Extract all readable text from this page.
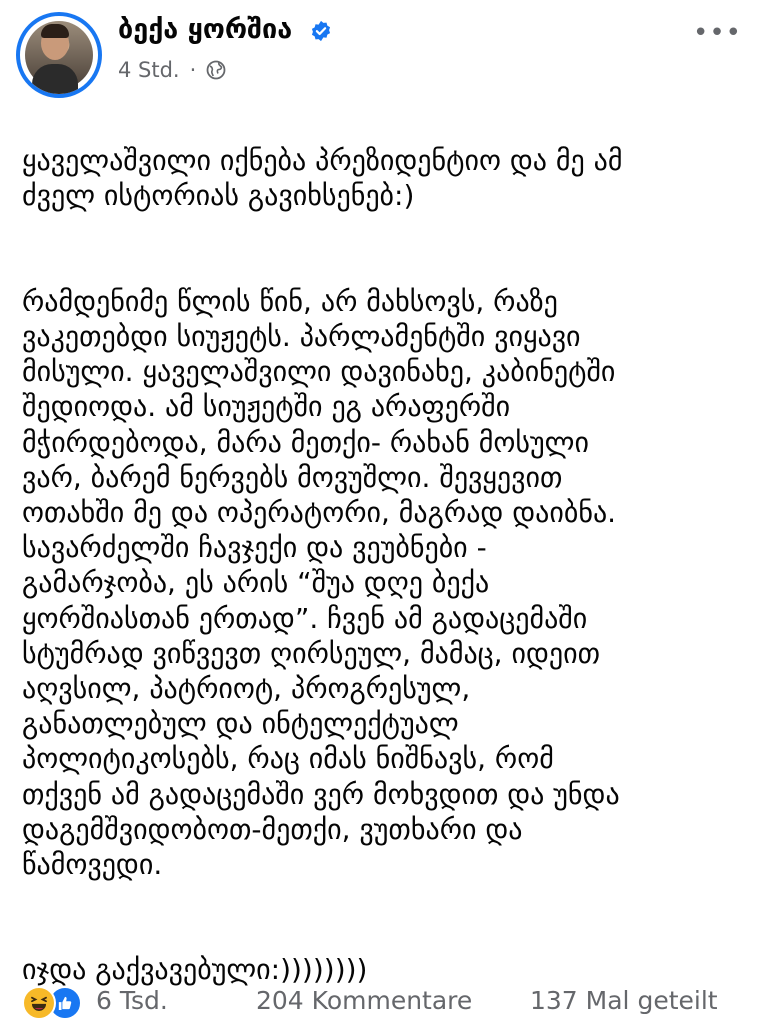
ბექა ყორშია
4 Std. ·
•••

ყაველაშვილი იქნება პრეზიდენტიო და მე ამ
ძველ ისტორიას გავიხსენებ:)

რამდენიმე წლის წინ, არ მახსოვს, რაზე
ვაკეთებდი სიუჟეტს. პარლამენტში ვიყავი
მისული. ყაველაშვილი დავინახე, კაბინეტში
შედიოდა. ამ სიუჟეტში ეგ არაფერში
მჭირდებოდა, მარა მეთქი- რახან მოსული
ვარ, ბარემ ნერვებს მოვუშლი. შევყევით
ოთახში მე და ოპერატორი, მაგრად დაიბნა.
სავარძელში ჩავჯექი და ვეუბნები -
გამარჯობა, ეს არის “შუა დღე ბექა
ყორშიასთან ერთად”. ჩვენ ამ გადაცემაში
სტუმრად ვიწვევთ ღირსეულ, მამაც, იდეით
აღვსილ, პატრიოტ, პროგრესულ,
განათლებულ და ინტელექტუალ
პოლიტიკოსებს, რაც იმას ნიშნავს, რომ
თქვენ ამ გადაცემაში ვერ მოხვდით და უნდა
დაგემშვიდობოთ-მეთქი, ვუთხარი და
წამოვედი.

იჯდა გაქვავებული:))))))))

6 Tsd.	204 Kommentare 137 Mal geteilt
